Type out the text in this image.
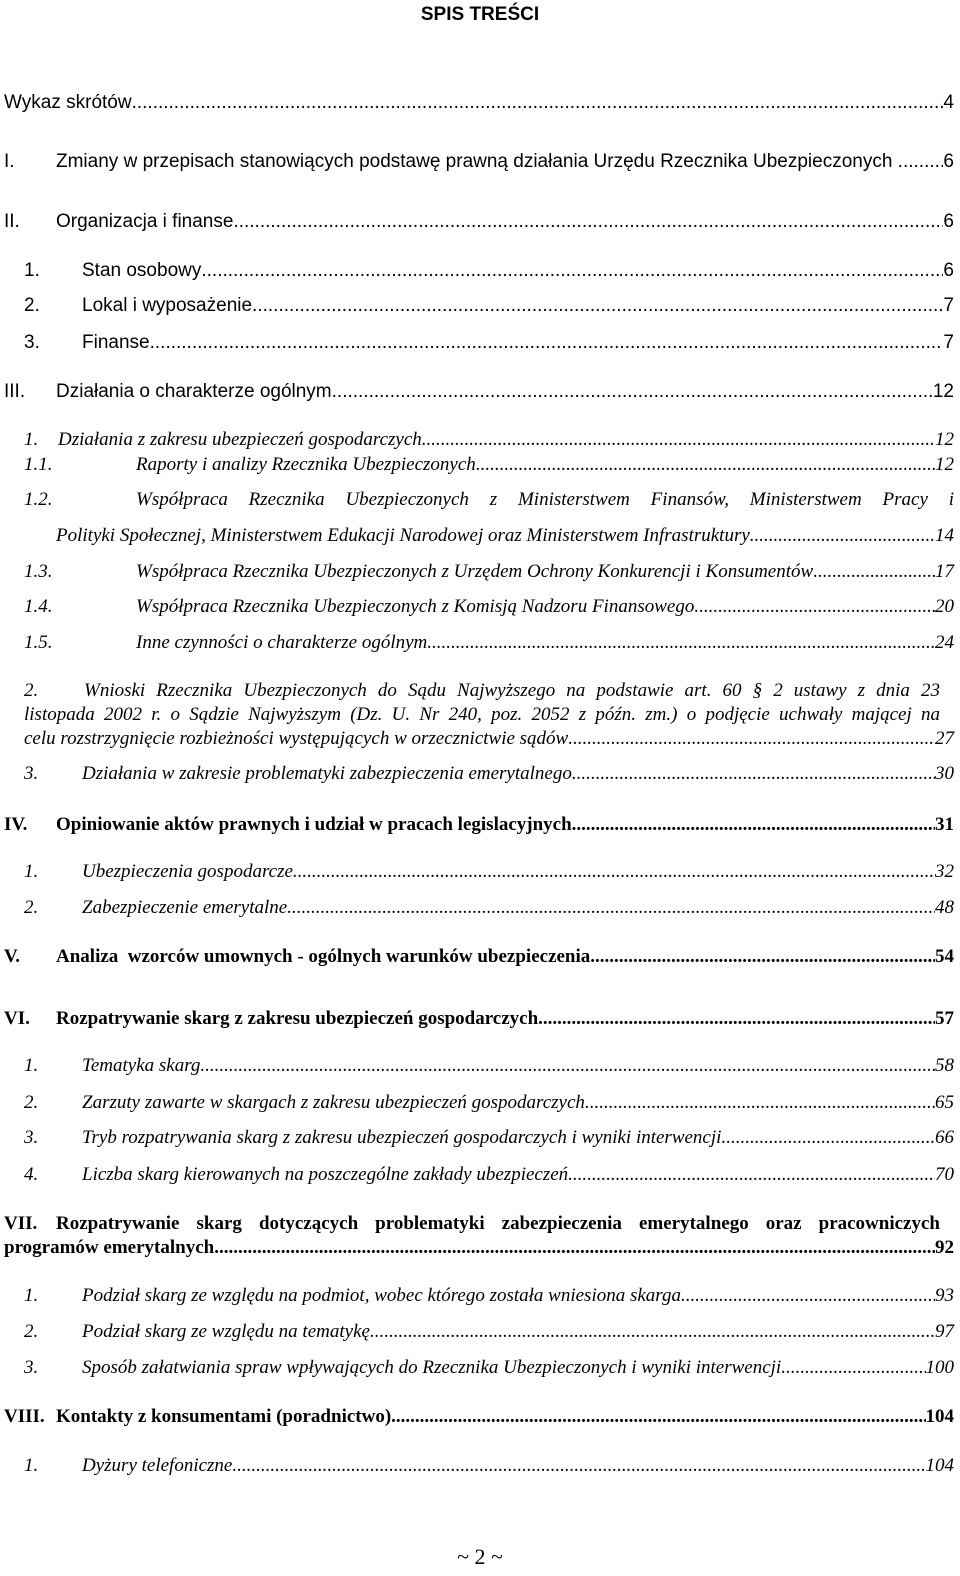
SPIS TREŚCI
Wykaz skrótów .....	4
I.	Zmiany w przepisach stanowiących podstawę prawną działania Urzędu Rzecznika Ubezpieczonych .. ..... 6
II.	Organizacja i finanse .....	6
1.	Stan osobowy .....	6
2.	Lokal i wyposażenie .....	7
3.	Finanse .....	7
III.	Działania o charakterze ogólnym .....	12
1.	Działania z zakresu ubezpieczeń gospodarczych .....	12
1.1.	Raporty i analizy Rzecznika Ubezpieczonych .....	12
1.2.	Współpraca Rzecznika Ubezpieczonych z Ministerstwem Finansów, Ministerstwem Pracy i
Polityki Społecznej, Ministerstwem Edukacji Narodowej oraz Ministerstwem Infrastruktury .....	14
1.3.	Współpraca Rzecznika Ubezpieczonych z Urzędem Ochrony Konkurencji i Konsumentów .....	17
1.4.	Współpraca Rzecznika Ubezpieczonych z Komisją Nadzoru Finansowego .....	20
1.5.	Inne czynności o charakterze ogólnym .....	24
2. Wnioski Rzecznika Ubezpieczonych do Sądu Najwyższego na podstawie art. 60 § 2 ustawy z dnia 23
listopada 2002 r. o Sądzie Najwyższym (Dz. U. Nr 240, poz. 2052 z późn. zm.) o podjęcie uchwały mającej na
celu rozstrzygnięcie rozbieżności występujących w orzecznictwie sądów .....	27
3.	Działania w zakresie problematyki zabezpieczenia emerytalnego .....	30
IV.	Opiniowanie aktów prawnych i udział w pracach legislacyjnych .....	31
1.	Ubezpieczenia gospodarcze .....	32
2.	Zabezpieczenie emerytalne .....	48
V.	Analiza  wzorców umownych - ogólnych warunków ubezpieczenia .....	54
VI.	Rozpatrywanie skarg z zakresu ubezpieczeń gospodarczych .....	57
1.	Tematyka skarg .....	58
2.	Zarzuty zawarte w skargach z zakresu ubezpieczeń gospodarczych .....	65
3.	Tryb rozpatrywania skarg z zakresu ubezpieczeń gospodarczych i wyniki interwencji .....	66
4.	Liczba skarg kierowanych na poszczególne zakłady ubezpieczeń .....	70
VII. Rozpatrywanie skarg dotyczących problematyki zabezpieczenia emerytalnego oraz pracowniczych
programów emerytalnych .....	92
1.	Podział skarg ze względu na podmiot, wobec którego została wniesiona skarga .....	93
2.	Podział skarg ze względu na tematykę .....	97
3.	Sposób załatwiania spraw wpływających do Rzecznika Ubezpieczonych i wyniki interwencji .....	100
VIII. Kontakty z konsumentami (poradnictwo) .....	104
1.	Dyżury telefoniczne .....	104
~ 2 ~
